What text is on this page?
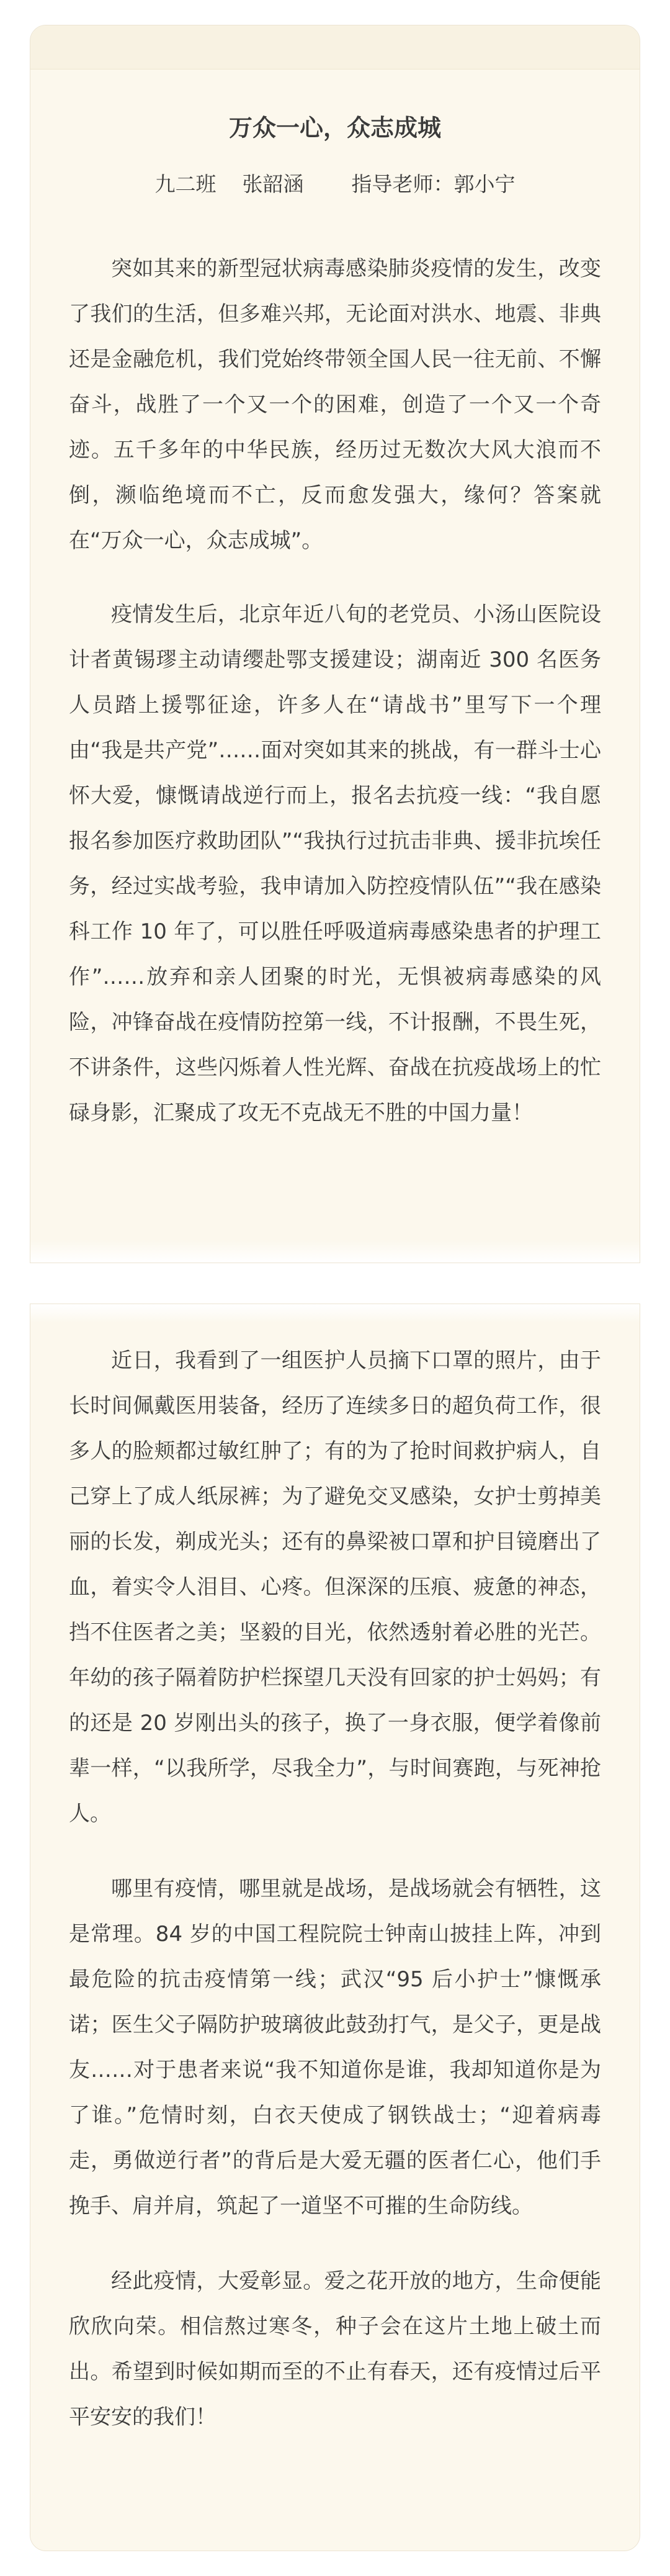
万众一心，众志成城

九二班 张韶涵 指导老师：郭小宁

突如其来的新型冠状病毒感染肺炎疫情的发生，改变了我们的生活，但多难兴邦，无论面对洪水、地震、非典还是金融危机，我们党始终带领全国人民一往无前、不懈奋斗，战胜了一个又一个的困难，创造了一个又一个奇迹。五千多年的中华民族，经历过无数次大风大浪而不倒，濒临绝境而不亡，反而愈发强大，缘何？答案就在“万众一心，众志成城”。

疫情发生后，北京年近八旬的老党员、小汤山医院设计者黄锡璆主动请缨赴鄂支援建设；湖南近 300 名医务人员踏上援鄂征途，许多人在“请战书”里写下一个理由“我是共产党”……面对突如其来的挑战，有一群斗士心怀大爱，慷慨请战逆行而上，报名去抗疫一线：“我自愿报名参加医疗救助团队”“我执行过抗击非典、援非抗埃任务，经过实战考验，我申请加入防控疫情队伍”“我在感染科工作 10 年了，可以胜任呼吸道病毒感染患者的护理工作”……放弃和亲人团聚的时光，无惧被病毒感染的风险，冲锋奋战在疫情防控第一线，不计报酬，不畏生死，不讲条件，这些闪烁着人性光辉、奋战在抗疫战场上的忙碌身影，汇聚成了攻无不克战无不胜的中国力量！

近日，我看到了一组医护人员摘下口罩的照片，由于长时间佩戴医用装备，经历了连续多日的超负荷工作，很多人的脸颊都过敏红肿了；有的为了抢时间救护病人，自己穿上了成人纸尿裤；为了避免交叉感染，女护士剪掉美丽的长发，剃成光头；还有的鼻梁被口罩和护目镜磨出了血，着实令人泪目、心疼。但深深的压痕、疲惫的神态，挡不住医者之美；坚毅的目光，依然透射着必胜的光芒。年幼的孩子隔着防护栏探望几天没有回家的护士妈妈；有的还是 20 岁刚出头的孩子，换了一身衣服，便学着像前辈一样，“以我所学，尽我全力”，与时间赛跑，与死神抢人。

哪里有疫情，哪里就是战场，是战场就会有牺牲，这是常理。84 岁的中国工程院院士钟南山披挂上阵，冲到最危险的抗击疫情第一线；武汉“95 后小护士”慷慨承诺；医生父子隔防护玻璃彼此鼓劲打气，是父子，更是战友……对于患者来说“我不知道你是谁，我却知道你是为了谁。”危情时刻，白衣天使成了钢铁战士；“迎着病毒走，勇做逆行者”的背后是大爱无疆的医者仁心，他们手挽手、肩并肩，筑起了一道坚不可摧的生命防线。

经此疫情，大爱彰显。爱之花开放的地方，生命便能欣欣向荣。相信熬过寒冬，种子会在这片土地上破土而出。希望到时候如期而至的不止有春天，还有疫情过后平平安安的我们！
